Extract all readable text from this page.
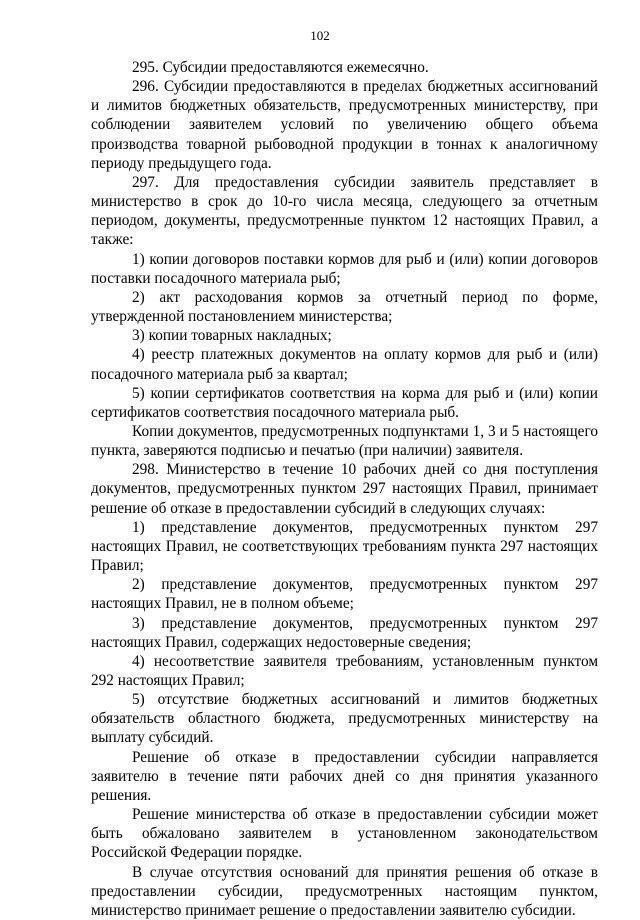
102

295. Субсидии предоставляются ежемесячно.

296. Субсидии предоставляются в пределах бюджетных ассигнований и лимитов бюджетных обязательств, предусмотренных министерству, при соблюдении заявителем условий по увеличению общего объема производства товарной рыбоводной продукции в тоннах к аналогичному периоду предыдущего года.

297. Для предоставления субсидии заявитель представляет в министерство в срок до 10-го числа месяца, следующего за отчетным периодом, документы, предусмотренные пунктом 12 настоящих Правил, а также:

1) копии договоров поставки кормов для рыб и (или) копии договоров поставки посадочного материала рыб;

2) акт расходования кормов за отчетный период по форме, утвержденной постановлением министерства;

3) копии товарных накладных;

4) реестр платежных документов на оплату кормов для рыб и (или) посадочного материала рыб за квартал;

5) копии сертификатов соответствия на корма для рыб и (или) копии сертификатов соответствия посадочного материала рыб.

Копии документов, предусмотренных подпунктами 1, 3 и 5 настоящего пункта, заверяются подписью и печатью (при наличии) заявителя.

298. Министерство в течение 10 рабочих дней со дня поступления документов, предусмотренных пунктом 297 настоящих Правил, принимает решение об отказе в предоставлении субсидий в следующих случаях:

1) представление документов, предусмотренных пунктом 297 настоящих Правил, не соответствующих требованиям пункта 297 настоящих Правил;

2) представление документов, предусмотренных пунктом 297 настоящих Правил, не в полном объеме;

3) представление документов, предусмотренных пунктом 297 настоящих Правил, содержащих недостоверные сведения;

4) несоответствие заявителя требованиям, установленным пунктом 292 настоящих Правил;

5) отсутствие бюджетных ассигнований и лимитов бюджетных обязательств областного бюджета, предусмотренных министерству на выплату субсидий.

Решение об отказе в предоставлении субсидии направляется заявителю в течение пяти рабочих дней со дня принятия указанного решения.

Решение министерства об отказе в предоставлении субсидии может быть обжаловано заявителем в установленном законодательством Российской Федерации порядке.

В случае отсутствия оснований для принятия решения об отказе в предоставлении субсидии, предусмотренных настоящим пунктом, министерство принимает решение о предоставлении заявителю субсидии.
